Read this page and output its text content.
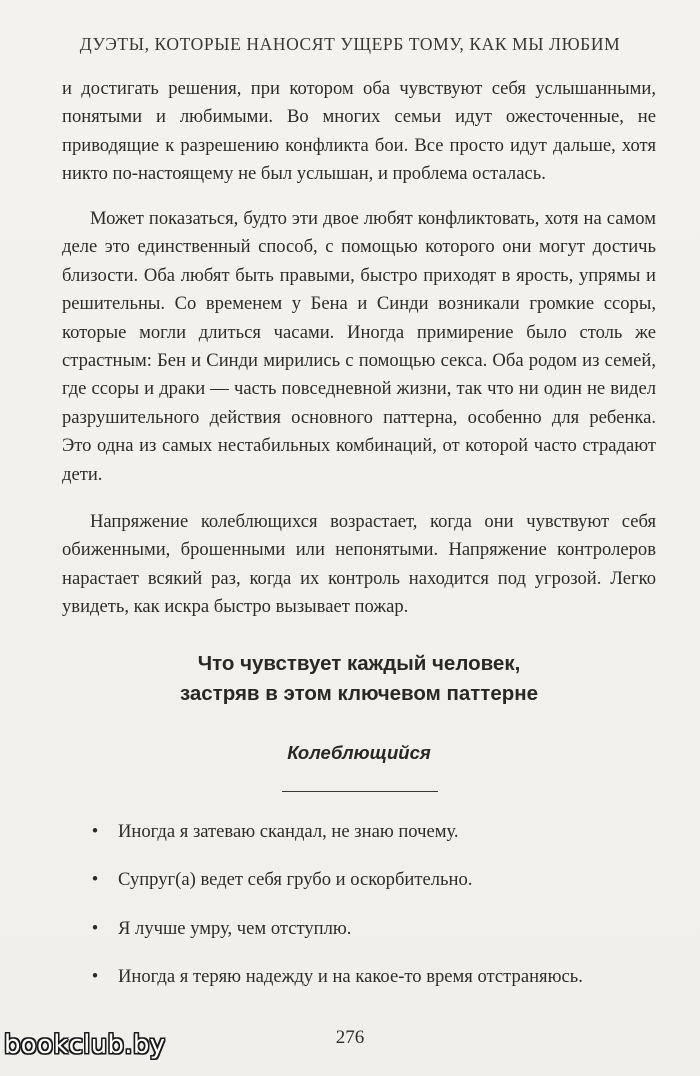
ДУЭТЫ, КОТОРЫЕ НАНОСЯТ УЩЕРБ ТОМУ, КАК МЫ ЛЮБИМ

и достигать решения, при котором оба чувствуют себя услышанными, понятыми и любимыми. Во многих семьи идут ожесточенные, не приводящие к разрешению конфликта бои. Все просто идут дальше, хотя никто по-настоящему не был услышан, и проблема осталась.

Может показаться, будто эти двое любят конфликтовать, хотя на самом деле это единственный способ, с помощью которого они могут достичь близости. Оба любят быть правыми, быстро приходят в ярость, упрямы и решительны. Со временем у Бена и Синди возникали громкие ссоры, которые могли длиться часами. Иногда примирение было столь же страстным: Бен и Синди мирились с помощью секса. Оба родом из семей, где ссоры и драки — часть повседневной жизни, так что ни один не видел разрушительного действия основного паттерна, особенно для ребенка. Это одна из самых нестабильных комбинаций, от которой часто страдают дети.

Напряжение колеблющихся возрастает, когда они чувствуют себя обиженными, брошенными или непонятыми. Напряжение контролеров нарастает всякий раз, когда их контроль находится под угрозой. Легко увидеть, как искра быстро вызывает пожар.

Что чувствует каждый человек,
застряв в этом ключевом паттерне
Колеблющийся
• Иногда я затеваю скандал, не знаю почему.
• Супруг(а) ведет себя грубо и оскорбительно.
• Я лучше умру, чем отступлю.
• Иногда я теряю надежду и на какое-то время отстраняюсь.
276
bookclub.by
